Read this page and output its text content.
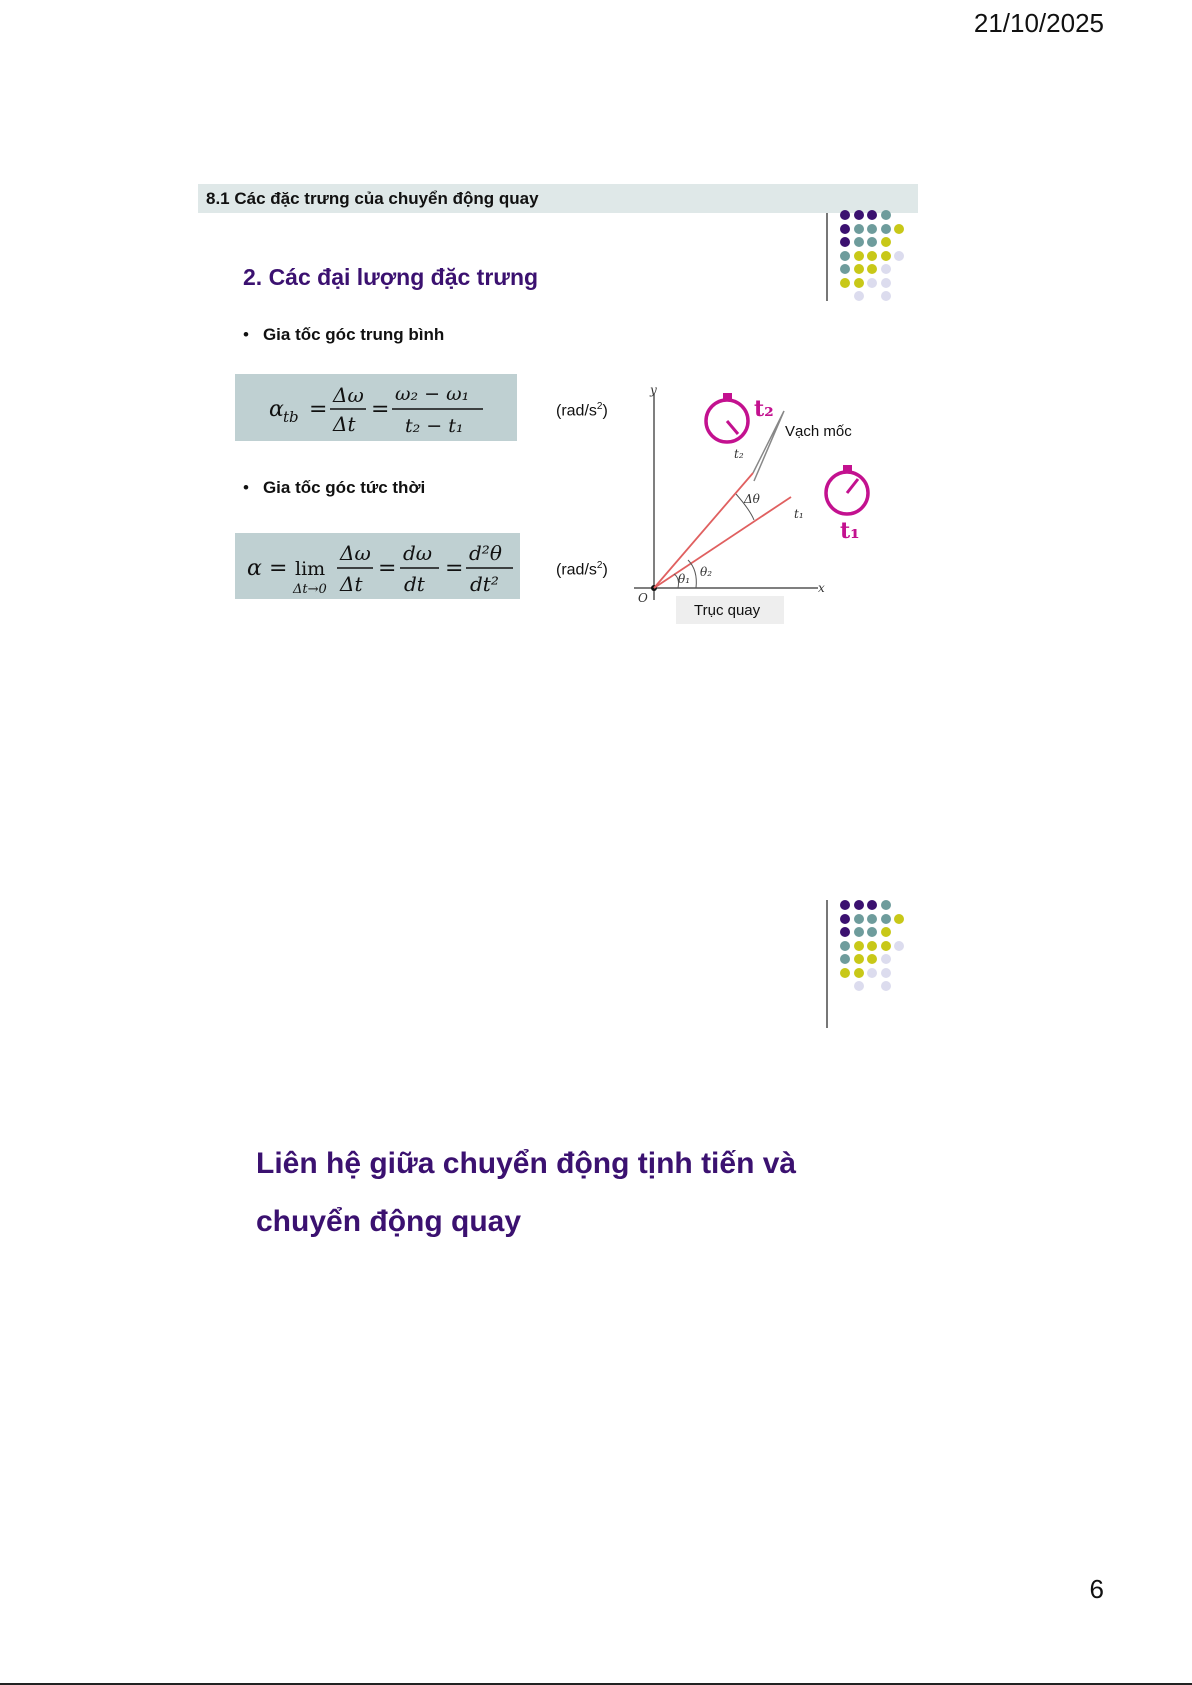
21/10/2025
8.1 Các đặc trưng của chuyển động quay
2. Các đại lượng đặc trưng
• Gia tốc góc trung bình
α tb =
Δω
Δt
=
ω₂ − ω₁
t₂ − t₁
$(rad/s^2)$
• Gia tốc góc tức thời
α = lim
Δt→0
Δω
Δt
=
dω
dt
=
d²θ
dt²
$(rad/s^2)$
y
x
O
Δθ
θ₁ θ₂
t₂
t₁
t₂
t₁
Vạch mốc
Trục quay
Liên hệ giữa chuyển động tịnh tiến và chuyển động quay
6
